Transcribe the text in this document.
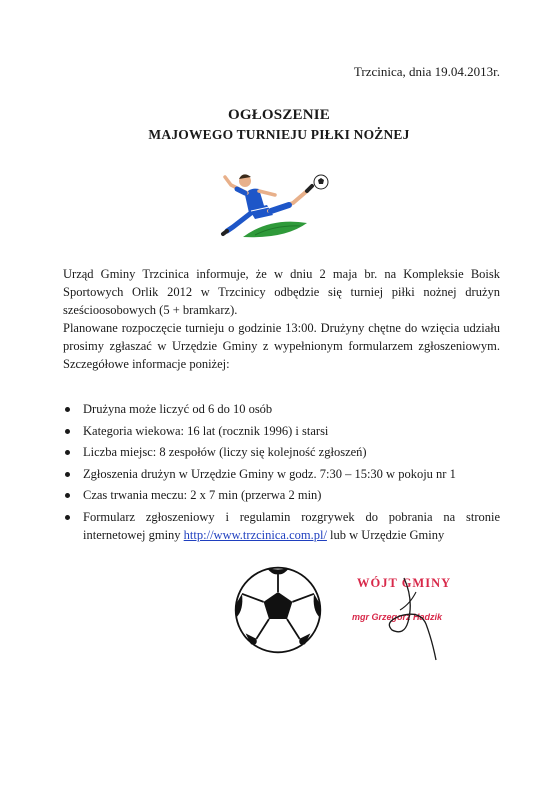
Trzcinica, dnia 19.04.2013r.
OGŁOSZENIE
MAJOWEGO TURNIEJU PIŁKI NOŻNEJ
Urząd Gminy Trzcinica informuje, że w dniu 2 maja br. na Kompleksie Boisk Sportowych Orlik 2012 w Trzcinicy odbędzie się turniej piłki nożnej drużyn sześcioosobowych (5 + bramkarz).
Planowane rozpoczęcie turnieju o godzinie 13:00. Drużyny chętne do wzięcia udziału prosimy zgłaszać w Urzędzie Gminy z wypełnionym formularzem zgłoszeniowym. Szczegółowe informacje poniżej:
Drużyna może liczyć od 6 do 10 osób
Kategoria wiekowa: 16 lat (rocznik 1996) i starsi
Liczba miejsc: 8 zespołów (liczy się kolejność zgłoszeń)
Zgłoszenia drużyn w Urzędzie Gminy w godz. 7:30 – 15:30 w pokoju nr 1
Czas trwania meczu: 2 x 7 min (przerwa 2 min)
Formularz zgłoszeniowy i regulamin rozgrywek do pobrania na stronie internetowej gminy http://www.trzcinica.com.pl/ lub w Urzędzie Gminy
WÓJT GMINY
mgr Grzegorz Hadzik
